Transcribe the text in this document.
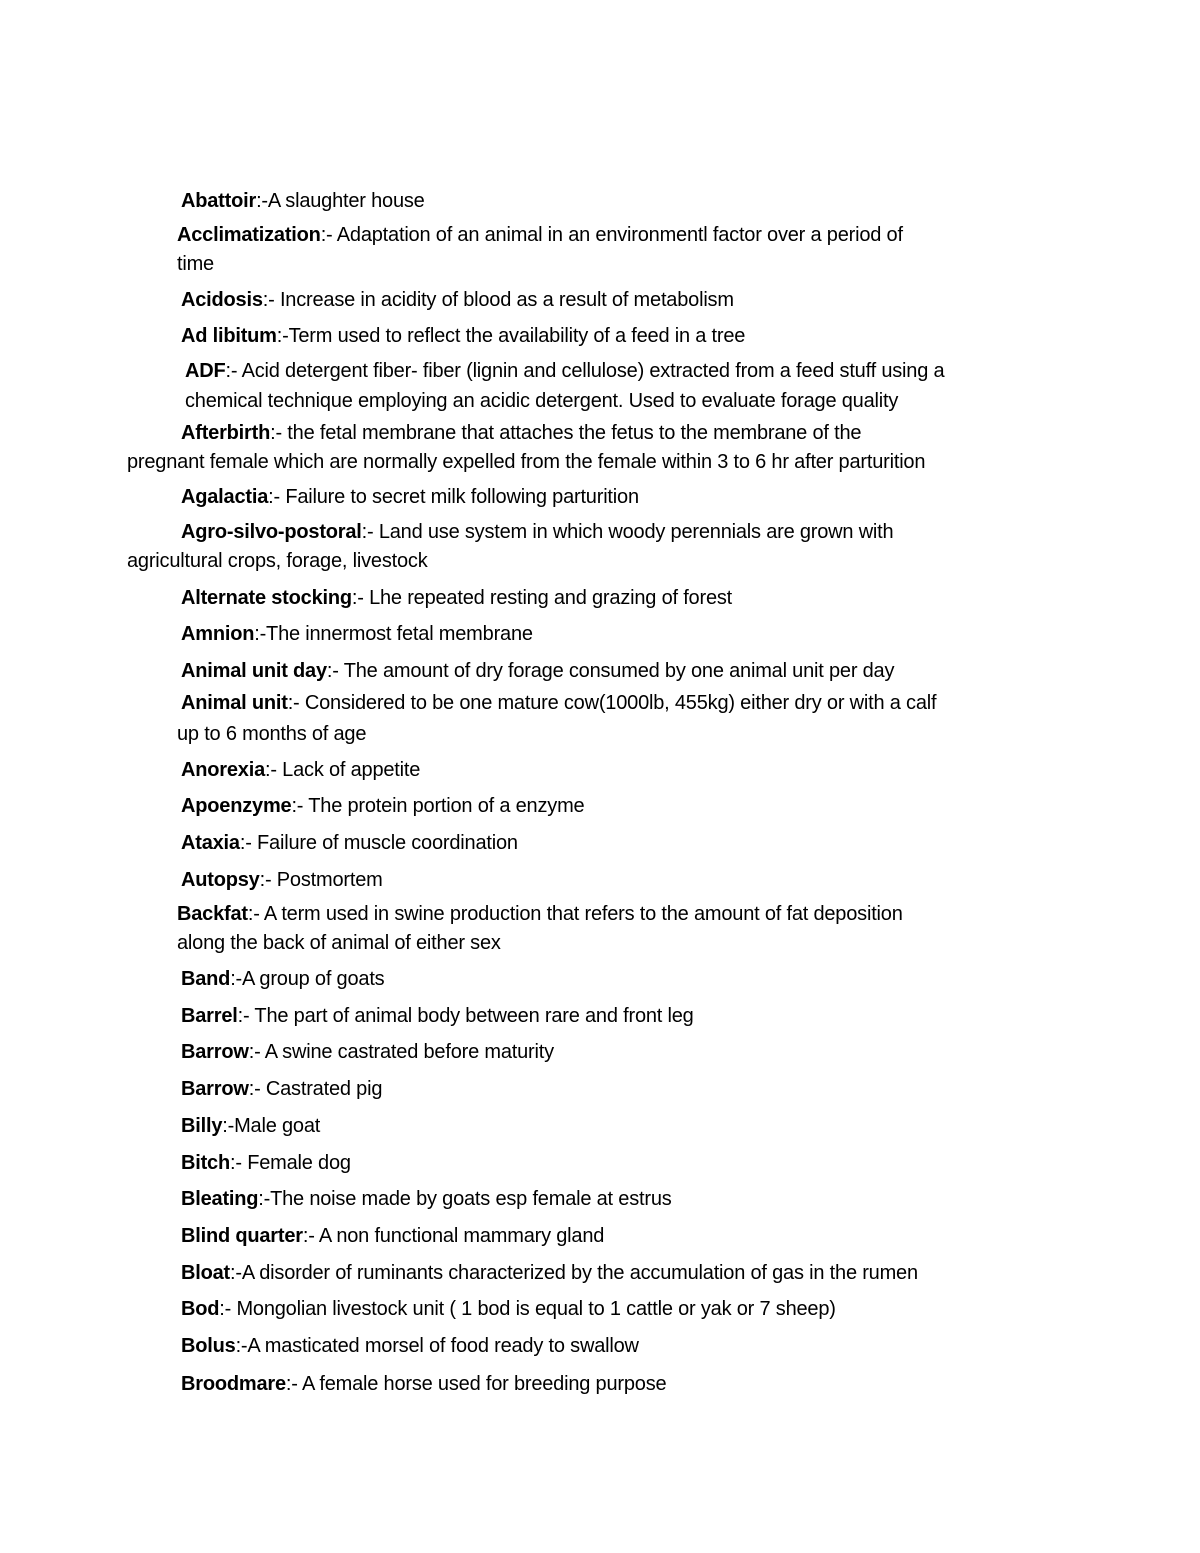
Abattoir:-A slaughter house
Acclimatization:- Adaptation of an animal in an environmentl factor over a period of
time
Acidosis:- Increase in acidity of blood as a result of metabolism
Ad libitum:-Term used to reflect the availability of a feed in a tree
ADF:- Acid detergent fiber- fiber (lignin and cellulose) extracted from a feed stuff using a
chemical technique employing an acidic detergent. Used to evaluate forage quality
Afterbirth:- the fetal membrane that attaches the fetus to the membrane of the
pregnant female which are normally expelled from the female within 3 to 6 hr after parturition
Agalactia:- Failure to secret milk following parturition
Agro-silvo-postoral:- Land use system in which woody perennials are grown with
agricultural crops, forage, livestock
Alternate stocking:- Lhe repeated resting and grazing of forest
Amnion:-The innermost fetal membrane
Animal unit day:- The amount of dry forage consumed by one animal unit per day
Animal unit:- Considered to be one mature cow(1000lb, 455kg) either dry or with a calf
up to 6 months of age
Anorexia:- Lack of appetite
Apoenzyme:- The protein portion of a enzyme
Ataxia:- Failure of muscle coordination
Autopsy:- Postmortem
Backfat:- A term used in swine production that refers to the amount of fat deposition
along the back of animal of either sex
Band:-A group of goats
Barrel:- The part of animal body between rare and front leg
Barrow:- A swine castrated before maturity
Barrow:- Castrated pig
Billy:-Male goat
Bitch:- Female dog
Bleating:-The noise made by goats esp female at estrus
Blind quarter:- A non functional mammary gland
Bloat:-A disorder of ruminants characterized by the accumulation of gas in the rumen
Bod:- Mongolian livestock unit ( 1 bod is equal to 1 cattle or yak or 7 sheep)
Bolus:-A masticated morsel of food ready to swallow
Broodmare:- A female horse used for breeding purpose
